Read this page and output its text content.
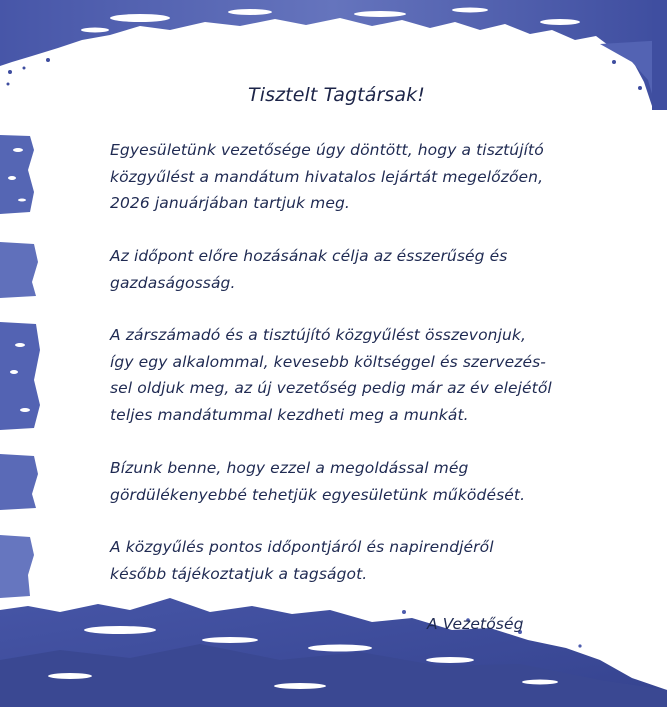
Tisztelt Tagtársak!

Egyesületünk vezetősége úgy döntött, hogy a tisztújító
közgyűlést a mandátum hivatalos lejártát megelőzően,
2026 januárjában tartjuk meg.

Az időpont előre hozásának célja az ésszerűség és
gazdaságosság.

A zárszámadó és a tisztújító közgyűlést összevonjuk,
így egy alkalommal, kevesebb költséggel és szervezés-
sel oldjuk meg, az új vezetőség pedig már az év elejétől
teljes mandátummal kezdheti meg a munkát.

Bízunk benne, hogy ezzel a megoldással még
gördülékenyebbé tehetjük egyesületünk működését.

A közgyűlés pontos időpontjáról és napirendjéről
később tájékoztatjuk a tagságot.

A Vezetőség
